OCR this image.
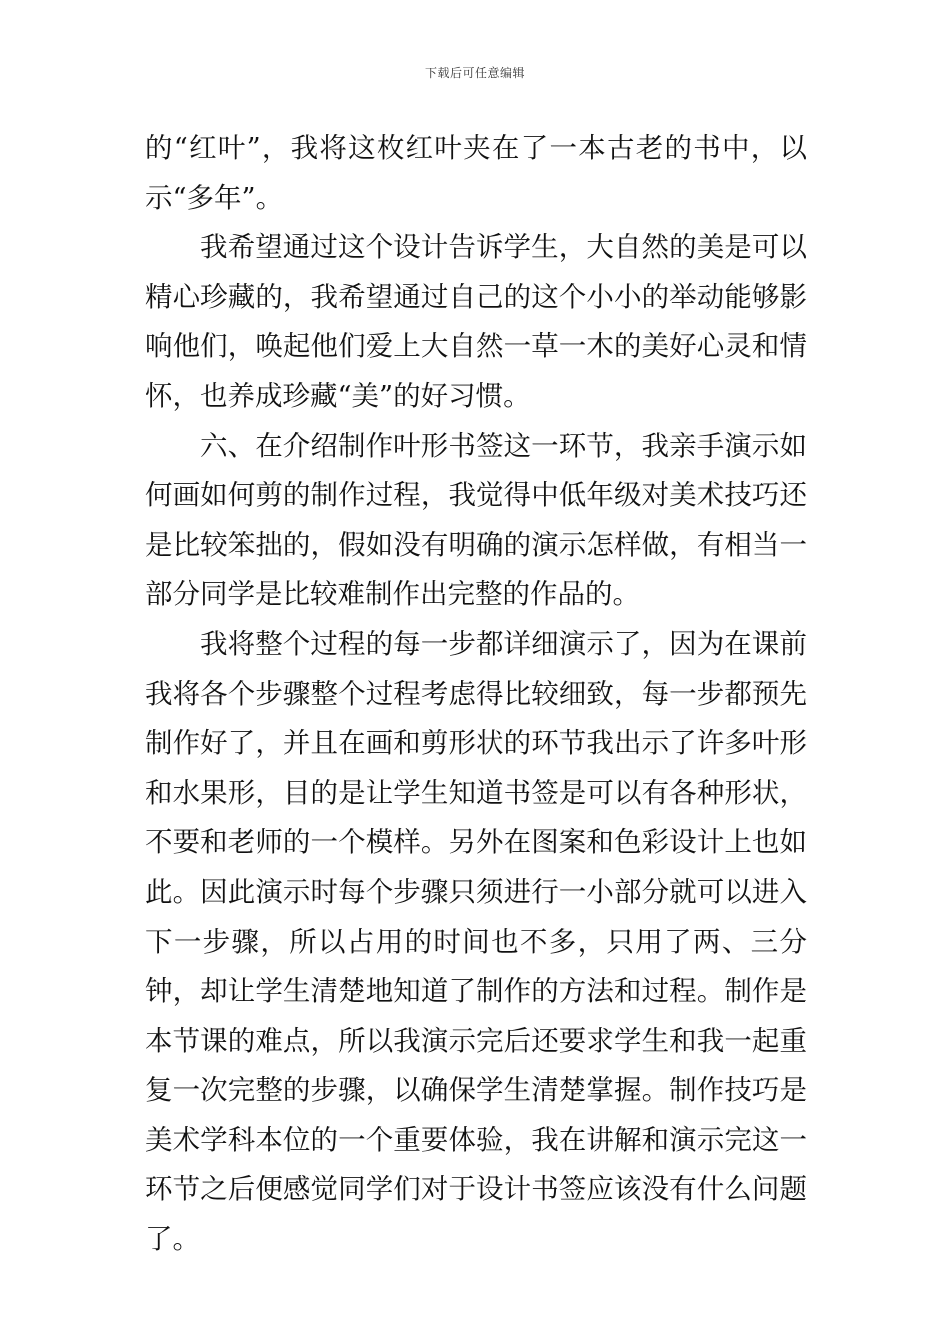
下载后可任意编辑

的“红叶”，我将这枚红叶夹在了一本古老的书中，以示“多年”。

我希望通过这个设计告诉学生，大自然的美是可以精心珍藏的，我希望通过自己的这个小小的举动能够影响他们，唤起他们爱上大自然一草一木的美好心灵和情怀，也养成珍藏“美”的好习惯。

六、在介绍制作叶形书签这一环节，我亲手演示如何画如何剪的制作过程，我觉得中低年级对美术技巧还是比较笨拙的，假如没有明确的演示怎样做，有相当一部分同学是比较难制作出完整的作品的。

我将整个过程的每一步都详细演示了，因为在课前我将各个步骤整个过程考虑得比较细致，每一步都预先制作好了，并且在画和剪形状的环节我出示了许多叶形和水果形，目的是让学生知道书签是可以有各种形状，不要和老师的一个模样。另外在图案和色彩设计上也如此。因此演示时每个步骤只须进行一小部分就可以进入下一步骤，所以占用的时间也不多，只用了两、三分钟，却让学生清楚地知道了制作的方法和过程。制作是本节课的难点，所以我演示完后还要求学生和我一起重复一次完整的步骤，以确保学生清楚掌握。制作技巧是美术学科本位的一个重要体验，我在讲解和演示完这一环节之后便感觉同学们对于设计书签应该没有什么问题了。
